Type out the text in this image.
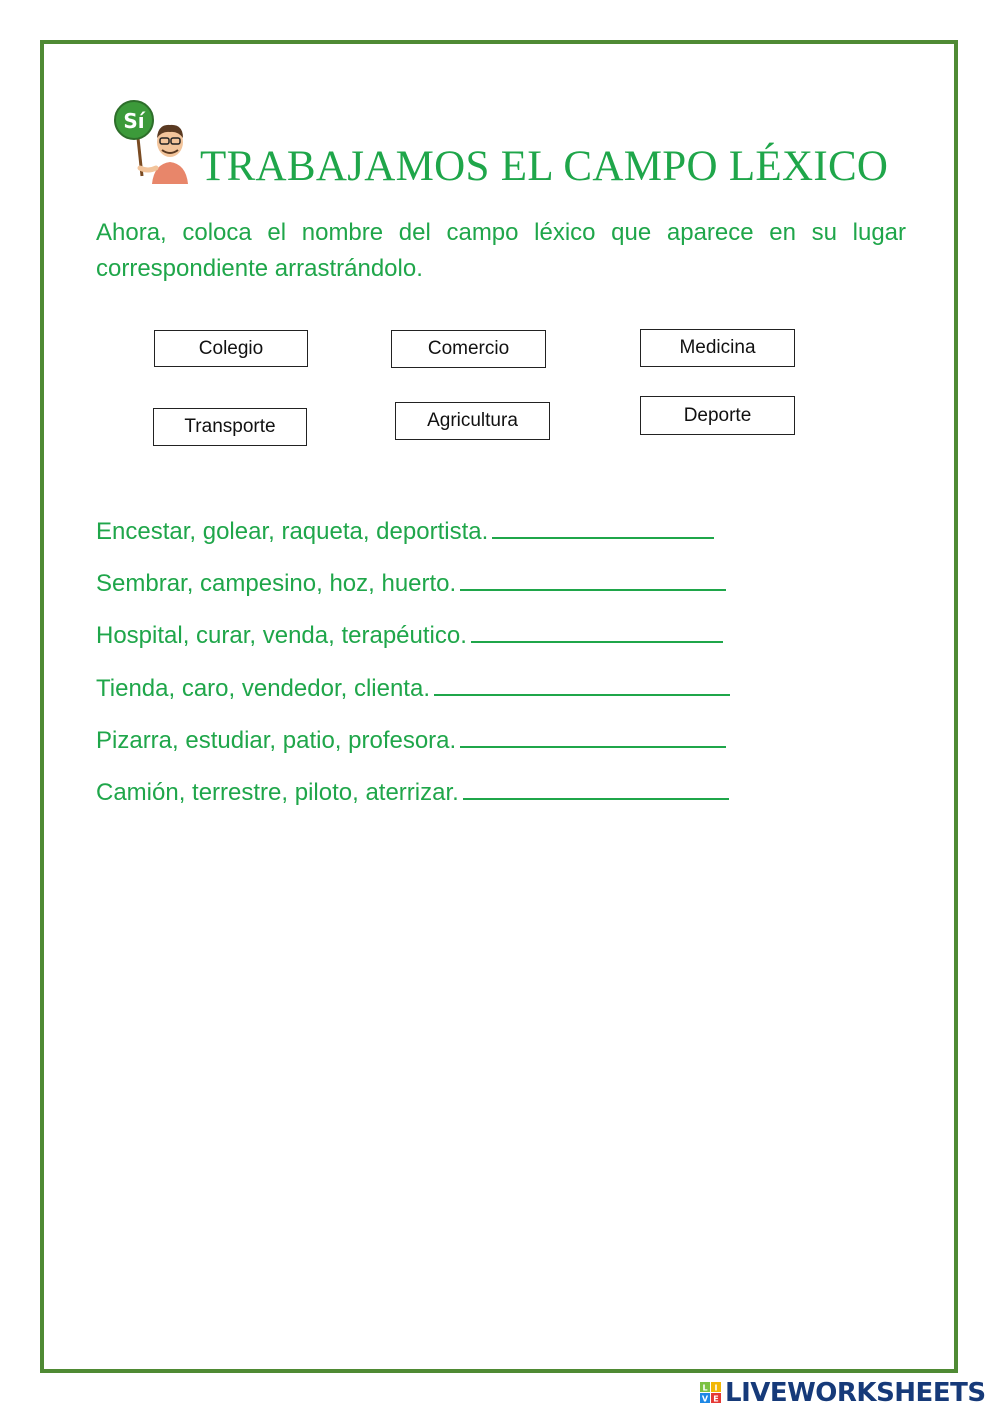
Sí
TRABAJAMOS EL CAMPO LÉXICO
Ahora, coloca el nombre del campo léxico que aparece en su lugar correspondiente arrastrándolo.
Colegio	Comercio	Medicina
Transporte	Agricultura	Deporte
Encestar, golear, raqueta, deportista.
Sembrar, campesino, hoz, huerto.
Hospital, curar, venda, terapéutico.
Tienda, caro, vendedor, clienta.
Pizarra, estudiar, patio, profesora.
Camión, terrestre, piloto, aterrizar.
L I
V E LIVEWORKSHEETS
